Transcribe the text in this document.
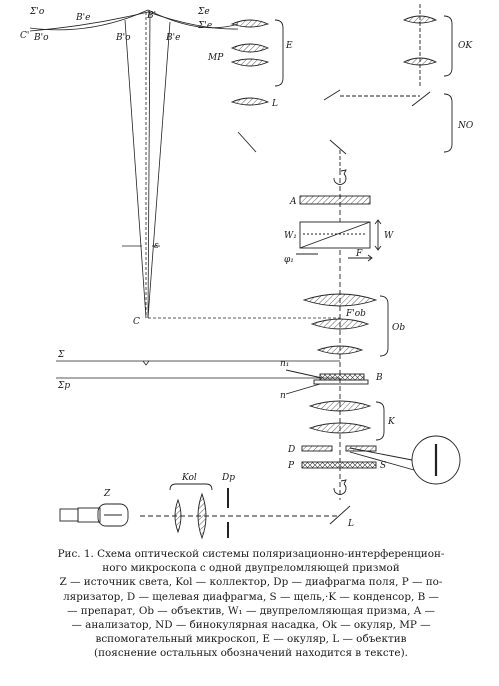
Σ'o
C'
B'e
B'o
B'	Σe
Σ'e
B'o	B'e
ε
C
Σ
Σp
E
MP
L
OK
NO
A
W₁	W
φ₁
F
F'ob
Ob
n₁
B
n
K
D
P	S
Z
Kol	Dp
L
Рис. 1. Схема оптической системы поляризационно-интерференцион-
ного микроскопа с одной двупреломляющей призмой
Z — источник света, Kol — коллектор, Dp — диафрагма поля, P — по-
ляризатор, D — щелевая диафрагма, S — щель,·K — конденсор, B —
— препарат, Ob — объектив, W₁ — двупреломляющая призма, A —
— анализатор, ND — бинокулярная насадка, Ok — окуляр, MP —
вспомогательный микроскоп, E — окуляр, L — объектив
(пояснение остальных обозначений находится в тексте).
